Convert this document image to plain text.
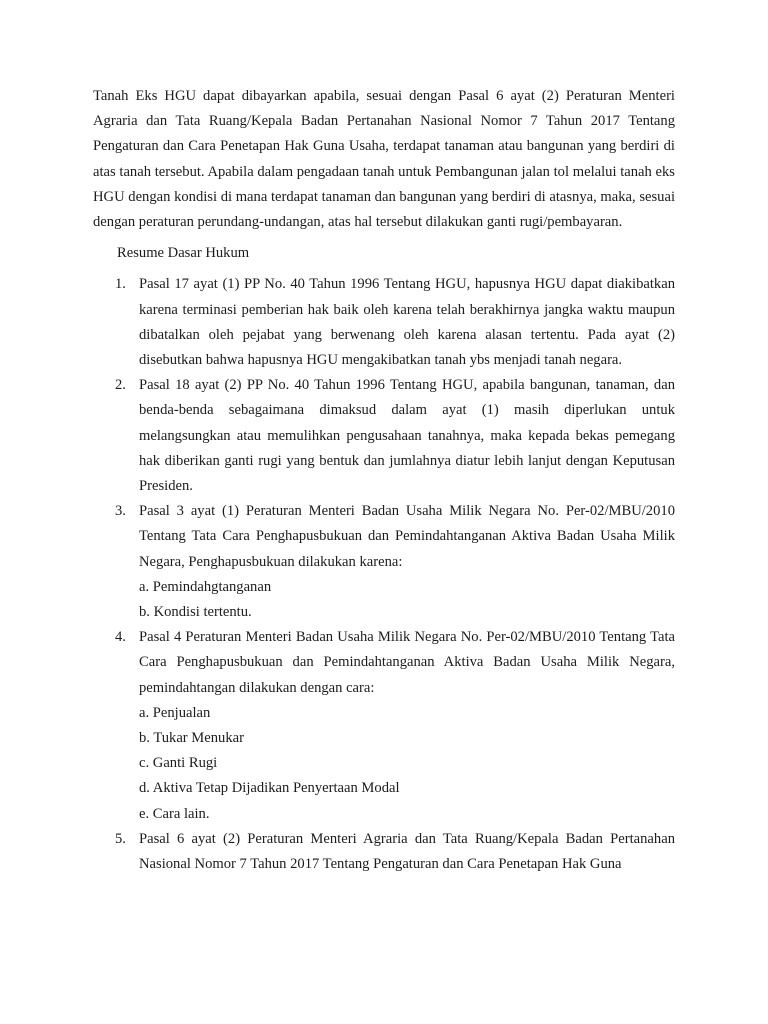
Tanah Eks HGU dapat dibayarkan apabila, sesuai dengan Pasal 6 ayat (2) Peraturan Menteri Agraria dan Tata Ruang/Kepala Badan Pertanahan Nasional Nomor 7 Tahun 2017 Tentang Pengaturan dan Cara Penetapan Hak Guna Usaha, terdapat tanaman atau bangunan yang berdiri di atas tanah tersebut. Apabila dalam pengadaan tanah untuk Pembangunan jalan tol melalui tanah eks HGU dengan kondisi di mana terdapat tanaman dan bangunan yang berdiri di atasnya, maka, sesuai dengan peraturan perundang-undangan, atas hal tersebut dilakukan ganti rugi/pembayaran.

Resume Dasar Hukum
1. Pasal 17 ayat (1) PP No. 40 Tahun 1996 Tentang HGU, hapusnya HGU dapat diakibatkan karena terminasi pemberian hak baik oleh karena telah berakhirnya jangka waktu maupun dibatalkan oleh pejabat yang berwenang oleh karena alasan tertentu. Pada ayat (2) disebutkan bahwa hapusnya HGU mengakibatkan tanah ybs menjadi tanah negara.
2. Pasal 18 ayat (2) PP No. 40 Tahun 1996 Tentang HGU, apabila bangunan, tanaman, dan benda-benda sebagaimana dimaksud dalam ayat (1) masih diperlukan untuk melangsungkan atau memulihkan pengusahaan tanahnya, maka kepada bekas pemegang hak diberikan ganti rugi yang bentuk dan jumlahnya diatur lebih lanjut dengan Keputusan Presiden.
3. Pasal 3 ayat (1) Peraturan Menteri Badan Usaha Milik Negara No. Per-02/MBU/2010 Tentang Tata Cara Penghapusbukuan dan Pemindahtanganan Aktiva Badan Usaha Milik Negara, Penghapusbukuan dilakukan karena:
a. Pemindahgtanganan
b. Kondisi tertentu.
4. Pasal 4 Peraturan Menteri Badan Usaha Milik Negara No. Per-02/MBU/2010 Tentang Tata Cara Penghapusbukuan dan Pemindahtanganan Aktiva Badan Usaha Milik Negara, pemindahtangan dilakukan dengan cara:
a. Penjualan
b. Tukar Menukar
c. Ganti Rugi
d. Aktiva Tetap Dijadikan Penyertaan Modal
e. Cara lain.
5. Pasal 6 ayat (2) Peraturan Menteri Agraria dan Tata Ruang/Kepala Badan Pertanahan Nasional Nomor 7 Tahun 2017 Tentang Pengaturan dan Cara Penetapan Hak Guna
